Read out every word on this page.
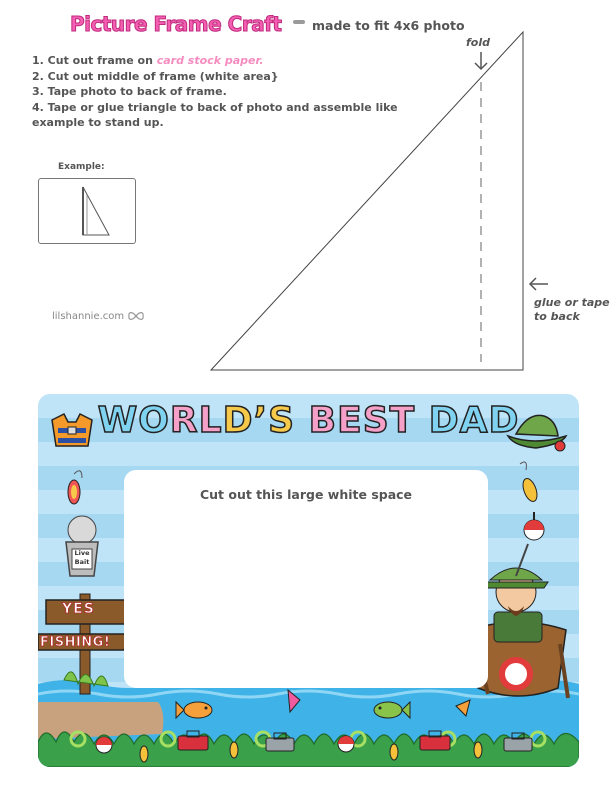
Picture Frame Craft made to fit 4x6 photo
1. Cut out frame on card stock paper.
2. Cut out middle of frame (white area}
3. Tape photo to back of frame.
4. Tape or glue triangle to back of photo and assemble like example to stand up.
Example:
lilshannie.com
fold
glue or tape
to back
WORLD’S BEST DAD
Cut out this large white space
YES
FISHING!
Live
Bait
